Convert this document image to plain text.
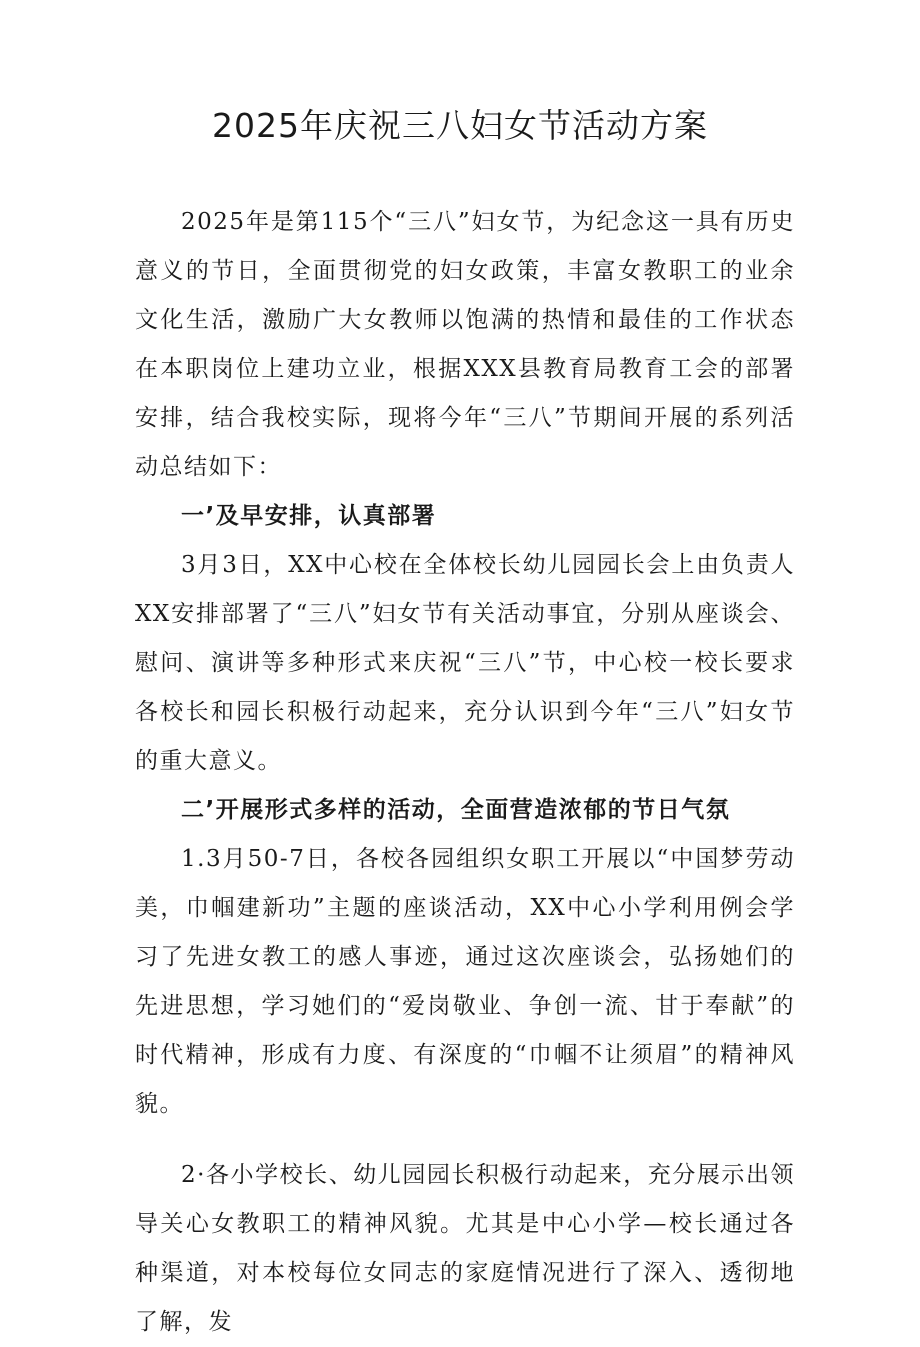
2025年庆祝三八妇女节活动方案

2025年是第115个“三八”妇女节，为纪念这一具有历史意义的节日，全面贯彻党的妇女政策，丰富女教职工的业余文化生活，激励广大女教师以饱满的热情和最佳的工作状态在本职岗位上建功立业，根据XXX县教育局教育工会的部署安排，结合我校实际，现将今年“三八”节期间开展的系列活动总结如下：

一’及早安排，认真部署

3月3日，XX中心校在全体校长幼儿园园长会上由负责人XX安排部署了“三八”妇女节有关活动事宜，分别从座谈会、慰问、演讲等多种形式来庆祝“三八”节，中心校一校长要求各校长和园长积极行动起来，充分认识到今年“三八”妇女节的重大意义。

二’开展形式多样的活动，全面营造浓郁的节日气氛

1.3月50-7日，各校各园组织女职工开展以“中国梦劳动美，巾帼建新功”主题的座谈活动，XX中心小学利用例会学习了先进女教工的感人事迹，通过这次座谈会，弘扬她们的先进思想，学习她们的“爱岗敬业、争创一流、甘于奉献”的时代精神，形成有力度、有深度的“巾帼不让须眉”的精神风貌。

2·各小学校长、幼儿园园长积极行动起来，充分展示出领导关心女教职工的精神风貌。尤其是中心小学—校长通过各种渠道，对本校每位女同志的家庭情况进行了深入、透彻地了解，发
